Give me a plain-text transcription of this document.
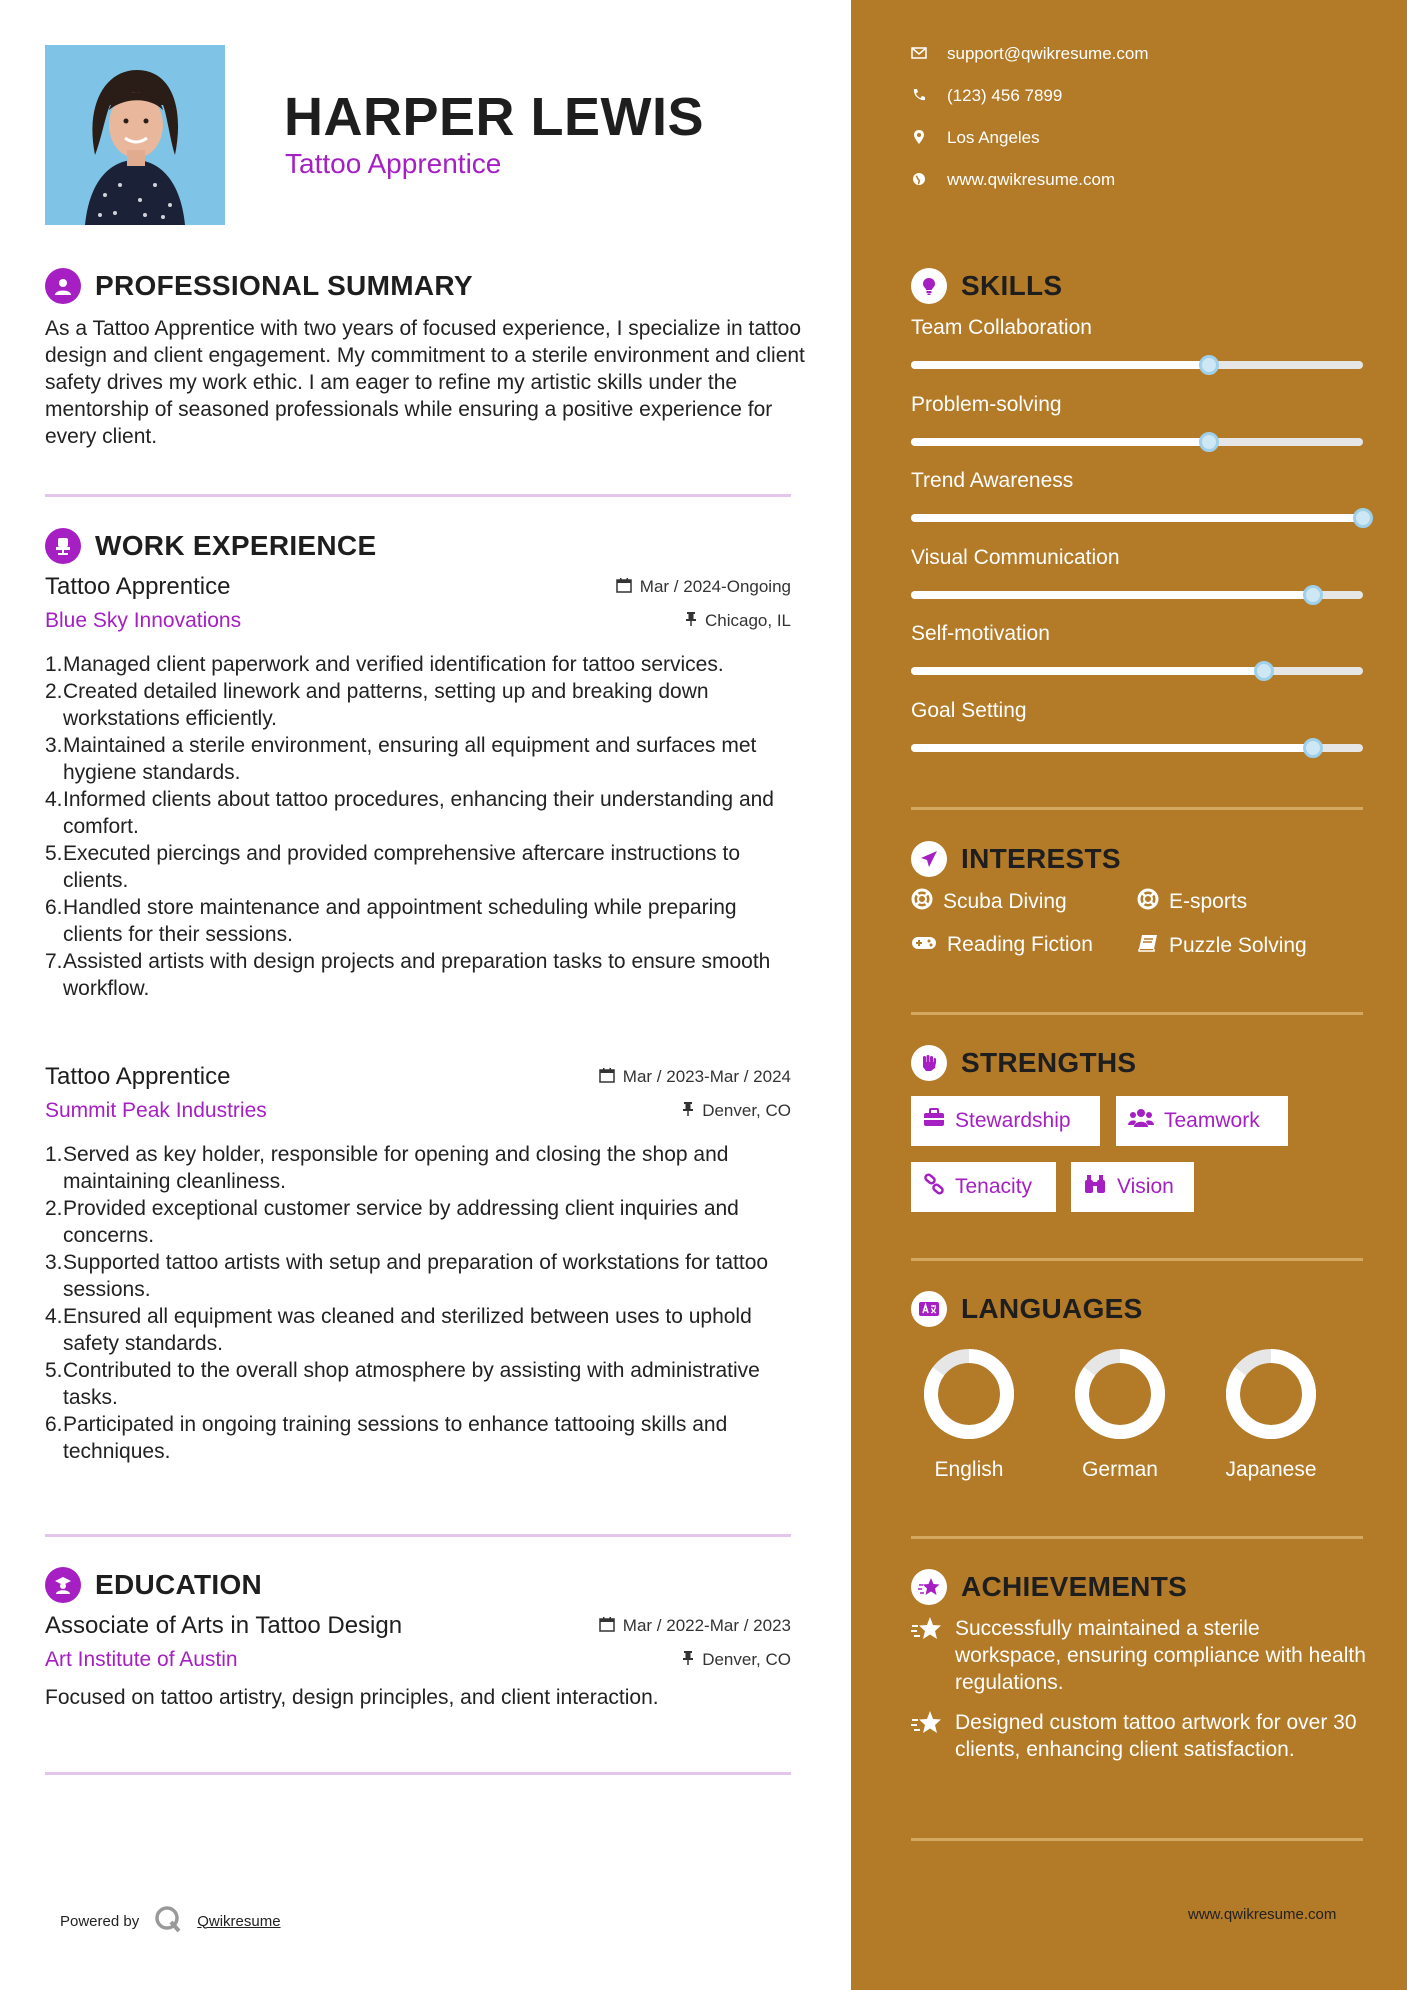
HARPER LEWIS
Tattoo Apprentice
PROFESSIONAL SUMMARY
As a Tattoo Apprentice with two years of focused experience, I specialize in tattoo design and client engagement. My commitment to a sterile environment and client safety drives my work ethic. I am eager to refine my artistic skills under the mentorship of seasoned professionals while ensuring a positive experience for every client.
WORK EXPERIENCE
Tattoo Apprentice	Mar / 2024-Ongoing
Blue Sky Innovations	Chicago, IL
1. Managed client paperwork and verified identification for tattoo services.
2. Created detailed linework and patterns, setting up and breaking down workstations efficiently.
3. Maintained a sterile environment, ensuring all equipment and surfaces met hygiene standards.
4. Informed clients about tattoo procedures, enhancing their understanding and comfort.
5. Executed piercings and provided comprehensive aftercare instructions to clients.
6. Handled store maintenance and appointment scheduling while preparing clients for their sessions.
7. Assisted artists with design projects and preparation tasks to ensure smooth workflow.
Tattoo Apprentice	Mar / 2023-Mar / 2024
Summit Peak Industries	Denver, CO
1. Served as key holder, responsible for opening and closing the shop and maintaining cleanliness.
2. Provided exceptional customer service by addressing client inquiries and concerns.
3. Supported tattoo artists with setup and preparation of workstations for tattoo sessions.
4. Ensured all equipment was cleaned and sterilized between uses to uphold safety standards.
5. Contributed to the overall shop atmosphere by assisting with administrative tasks.
6. Participated in ongoing training sessions to enhance tattooing skills and techniques.
EDUCATION
Associate of Arts in Tattoo Design	Mar / 2022-Mar / 2023
Art Institute of Austin	Denver, CO
Focused on tattoo artistry, design principles, and client interaction.
Powered by	Qwikresume
support@qwikresume.com
(123) 456 7899
Los Angeles
www.qwikresume.com
SKILLS
Team Collaboration
Problem-solving
Trend Awareness
Visual Communication
Self-motivation
Goal Setting
INTERESTS
Scuba Diving	E-sports
Reading Fiction	Puzzle Solving
STRENGTHS
Stewardship	Teamwork
Tenacity	Vision
LANGUAGES
English	German	Japanese
ACHIEVEMENTS
Successfully maintained a sterile workspace, ensuring compliance with health regulations.
Designed custom tattoo artwork for over 30 clients, enhancing client satisfaction.
www.qwikresume.com
